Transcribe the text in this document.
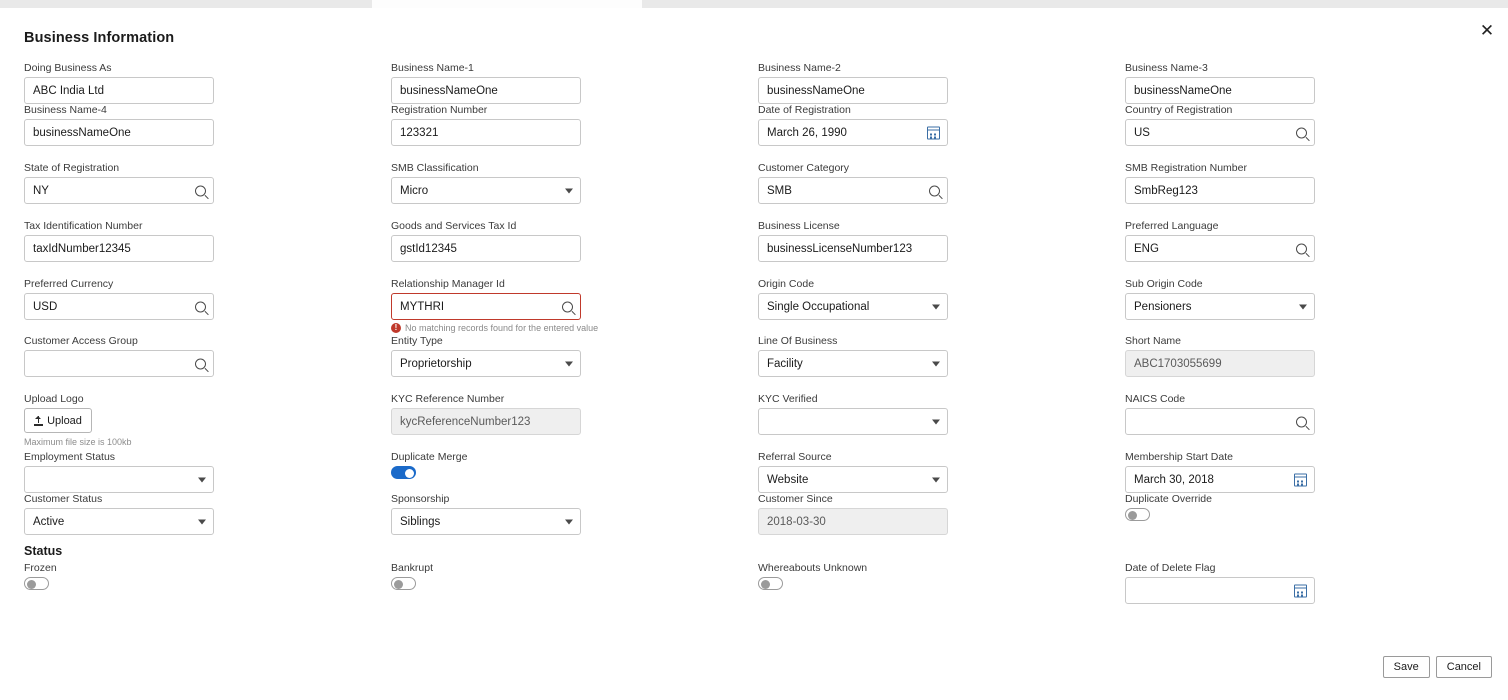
Business Information	✕
Doing Business As
ABC India Ltd
Business Name-4
businessNameOne
State of Registration
NY
Tax Identification Number
taxIdNumber12345
Preferred Currency
USD
Customer Access Group
Upload Logo
Upload
Maximum file size is 100kb
Employment Status
Customer Status
Active
Status
Frozen
Business Name-1
businessNameOne
Registration Number
123321
SMB Classification
Micro
Goods and Services Tax Id
gstId12345
Relationship Manager Id
MYTHRI
! No matching records found for the entered value
Entity Type
Proprietorship
KYC Reference Number
kycReferenceNumber123
Duplicate Merge
Sponsorship
Siblings
Bankrupt
Business Name-2
businessNameOne
Date of Registration
March 26, 1990
Customer Category
SMB
Business License
businessLicenseNumber123
Origin Code
Single Occupational
Line Of Business
Facility
KYC Verified
Referral Source
Website
Customer Since
2018-03-30
Whereabouts Unknown
Business Name-3
businessNameOne
Country of Registration
US
SMB Registration Number
SmbReg123
Preferred Language
ENG
Sub Origin Code
Pensioners
Short Name
ABC1703055699
NAICS Code
Membership Start Date
March 30, 2018
Duplicate Override
Date of Delete Flag
Save	Cancel
